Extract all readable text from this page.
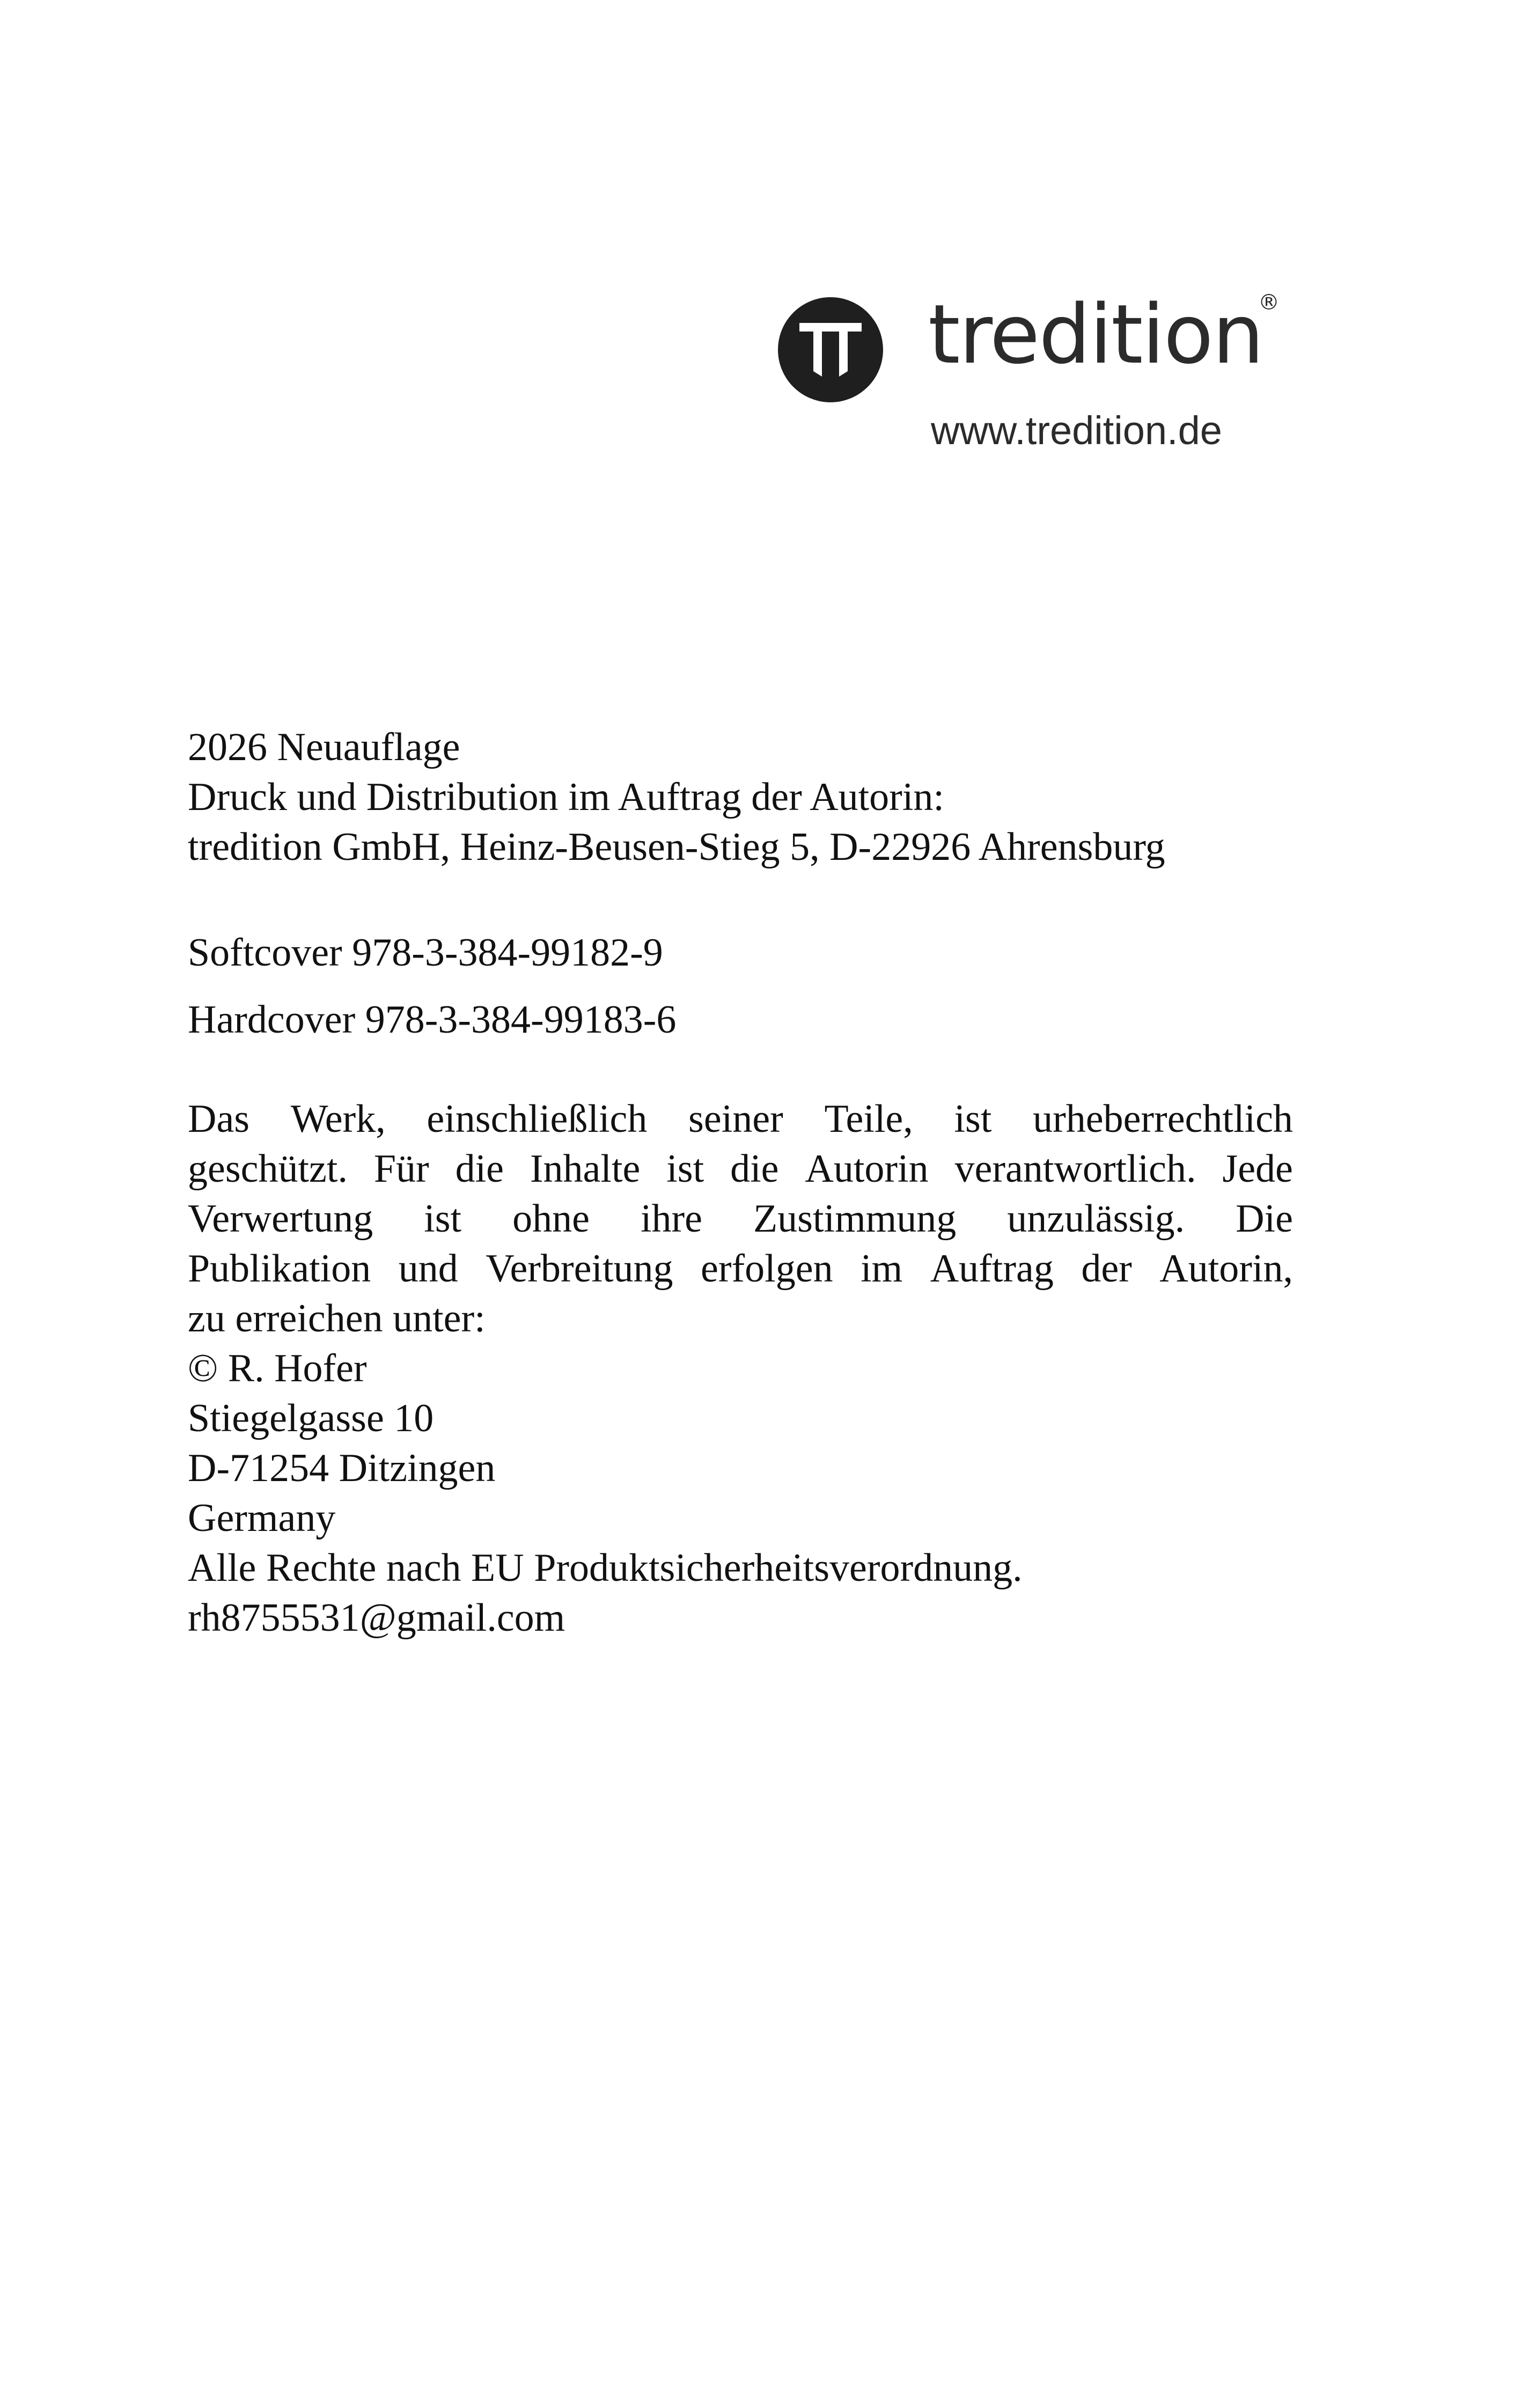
tredition
®
www.tredition.de

2026 Neuauflage

Druck und Distribution im Auftrag der Autorin:

tredition GmbH, Heinz-Beusen-Stieg 5, D-22926 Ahrensburg

Softcover 978-3-384-99182-9

Hardcover 978-3-384-99183-6

Das Werk, einschließlich seiner Teile, ist urheberrechtlich
geschützt. Für die Inhalte ist die Autorin verantwortlich. Jede
Verwertung ist ohne ihre Zustimmung unzulässig. Die
Publikation und Verbreitung erfolgen im Auftrag der Autorin,

zu erreichen unter:

© R. Hofer

Stiegelgasse 10

D-71254 Ditzingen

Germany

Alle Rechte nach EU Produktsicherheitsverordnung.

rh8755531@gmail.com
